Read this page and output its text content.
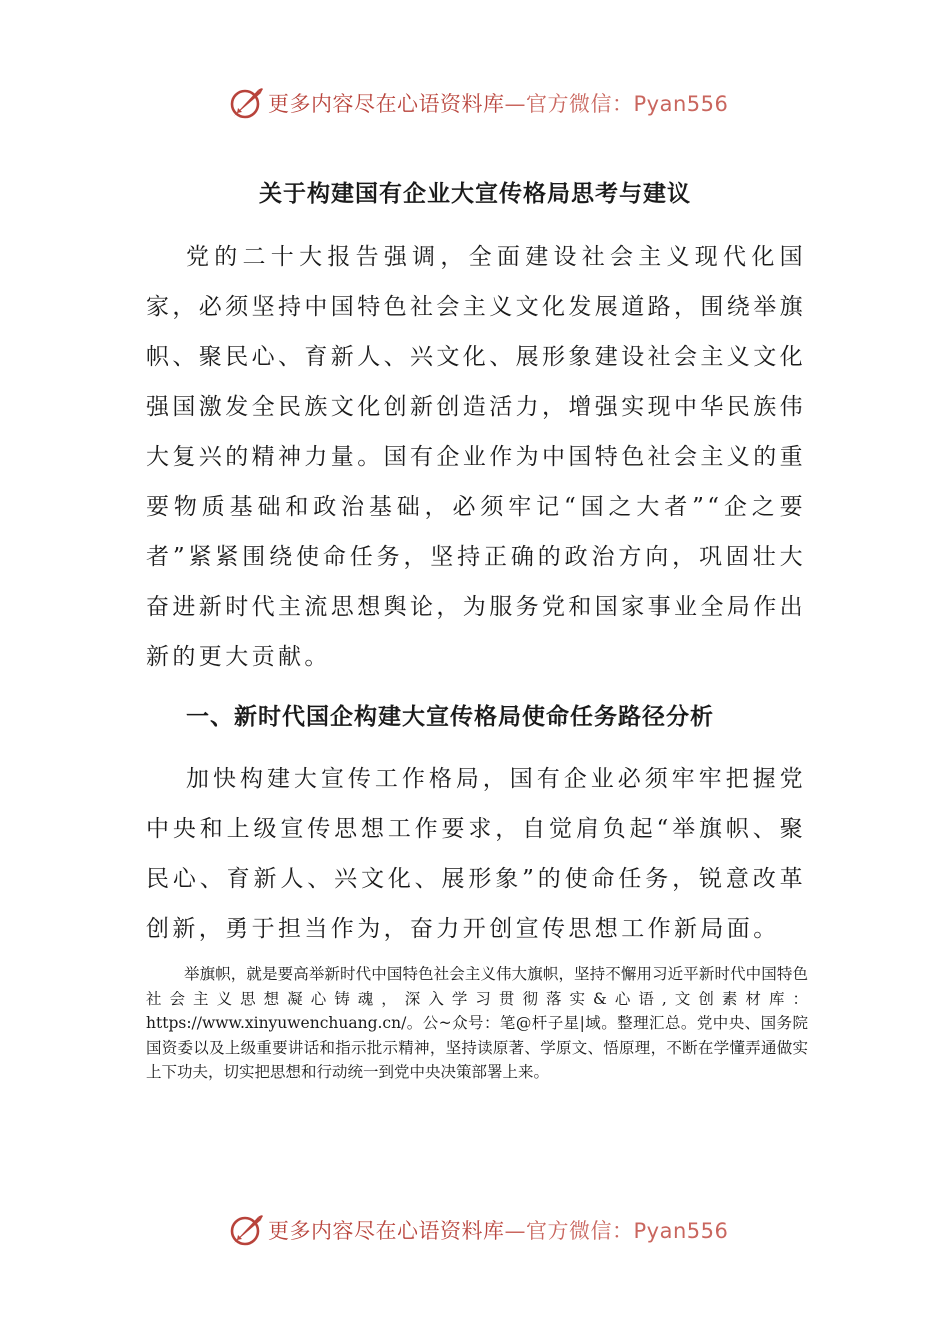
更多内容尽在心语资料库 —官方微信：Pyan556
关于构建国有企业大宣传格局思考与建议

党的二十大报告强调，全面建设社会主义现代化国家，必须坚持中国特色社会主义文化发展道路，围绕举旗帜、聚民心、育新人、兴文化、展形象建设社会主义文化强国激发全民族文化创新创造活力，增强实现中华民族伟大复兴的精神力量。国有企业作为中国特色社会主义的重要物质基础和政治基础，必须牢记“国之大者”“企之要者”紧紧围绕使命任务，坚持正确的政治方向，巩固壮大奋进新时代主流思想舆论，为服务党和国家事业全局作出新的更大贡献。

一、新时代国企构建大宣传格局使命任务路径分析

加快构建大宣传工作格局，国有企业必须牢牢把握党中央和上级宣传思想工作要求，自觉肩负起“举旗帜、聚民心、育新人、兴文化、展形象”的使命任务，锐意改革创新，勇于担当作为，奋力开创宣传思想工作新局面。

举旗帜，就是要高举新时代中国特色社会主义伟大旗帜，坚持不懈用习近平新时代中国特色社会主义思想凝心铸魂，深入学习贯彻落实&心语,文创素材库：https://www.xinyuwenchuang.cn/。公~众号：笔@杆子星|域。整理汇总。党中央、国务院国资委以及上级重要讲话和指示批示精神，坚持读原著、学原文、悟原理，不断在学懂弄通做实上下功夫，切实把思想和行动统一到党中央决策部署上来。

更多内容尽在心语资料库 —官方微信：Pyan556
